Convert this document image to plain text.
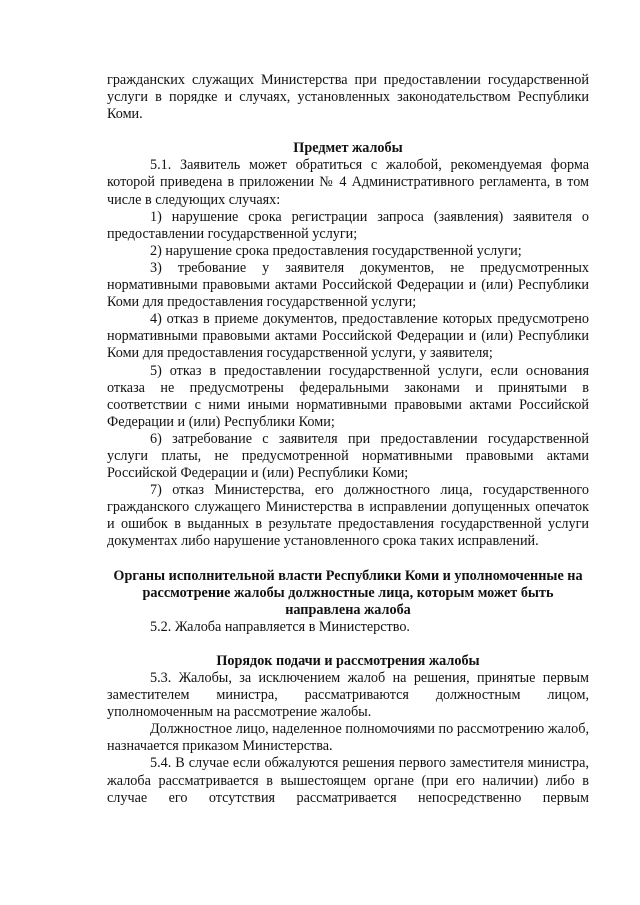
гражданских служащих Министерства при предоставлении государственной услуги в порядке и случаях, установленных законодательством Республики Коми.

Предмет жалобы

5.1. Заявитель может обратиться с жалобой, рекомендуемая форма которой приведена в приложении № 4 Административного регламента, в том числе в следующих случаях:

1) нарушение срока регистрации запроса (заявления) заявителя о предоставлении государственной услуги;

2) нарушение срока предоставления государственной услуги;

3) требование у заявителя документов, не предусмотренных нормативными правовыми актами Российской Федерации и (или) Республики Коми для предоставления государственной услуги;

4) отказ в приеме документов, предоставление которых предусмотрено нормативными правовыми актами Российской Федерации и (или) Республики Коми для предоставления государственной услуги, у заявителя;

5) отказ в предоставлении государственной услуги, если основания отказа не предусмотрены федеральными законами и принятыми в соответствии с ними иными нормативными правовыми актами Российской Федерации и (или) Республики Коми;

6) затребование с заявителя при предоставлении государственной услуги платы, не предусмотренной нормативными правовыми актами Российской Федерации и (или) Республики Коми;

7) отказ Министерства, его должностного лица, государственного гражданского служащего Министерства в исправлении допущенных опечаток и ошибок в выданных в результате предоставления государственной услуги документах либо нарушение установленного срока таких исправлений.

Органы исполнительной власти Республики Коми и уполномоченные на
рассмотрение жалобы должностные лица, которым может быть
направлена жалоба

5.2. Жалоба направляется в Министерство.

Порядок подачи и рассмотрения жалобы

5.3. Жалобы, за исключением жалоб на решения, принятые первым заместителем министра, рассматриваются должностным лицом, уполномоченным на рассмотрение жалобы.

Должностное лицо, наделенное полномочиями по рассмотрению жалоб, назначается приказом Министерства.

5.4. В случае если обжалуются решения первого заместителя министра, жалоба рассматривается в вышестоящем органе (при его наличии) либо в случае его отсутствия рассматривается непосредственно первым
